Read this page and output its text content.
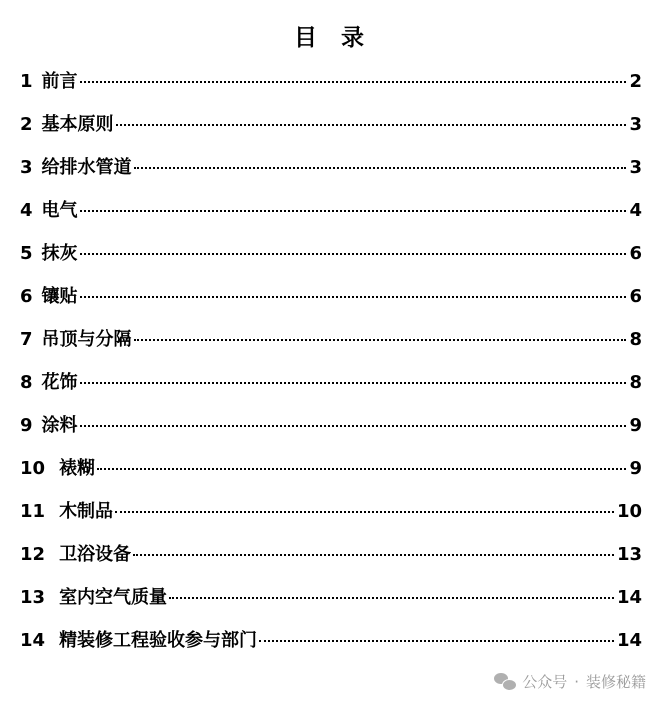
目 录
1 前言	2
2 基本原则	3
3 给排水管道	3
4 电气	4
5 抹灰	6
6 镶贴	6
7 吊顶与分隔	8
8 花饰	8
9 涂料	9
10 裱糊	9
11 木制品	10
12 卫浴设备	13
13 室内空气质量	14
14 精装修工程验收参与部门	14
公众号 · 装修秘籍
